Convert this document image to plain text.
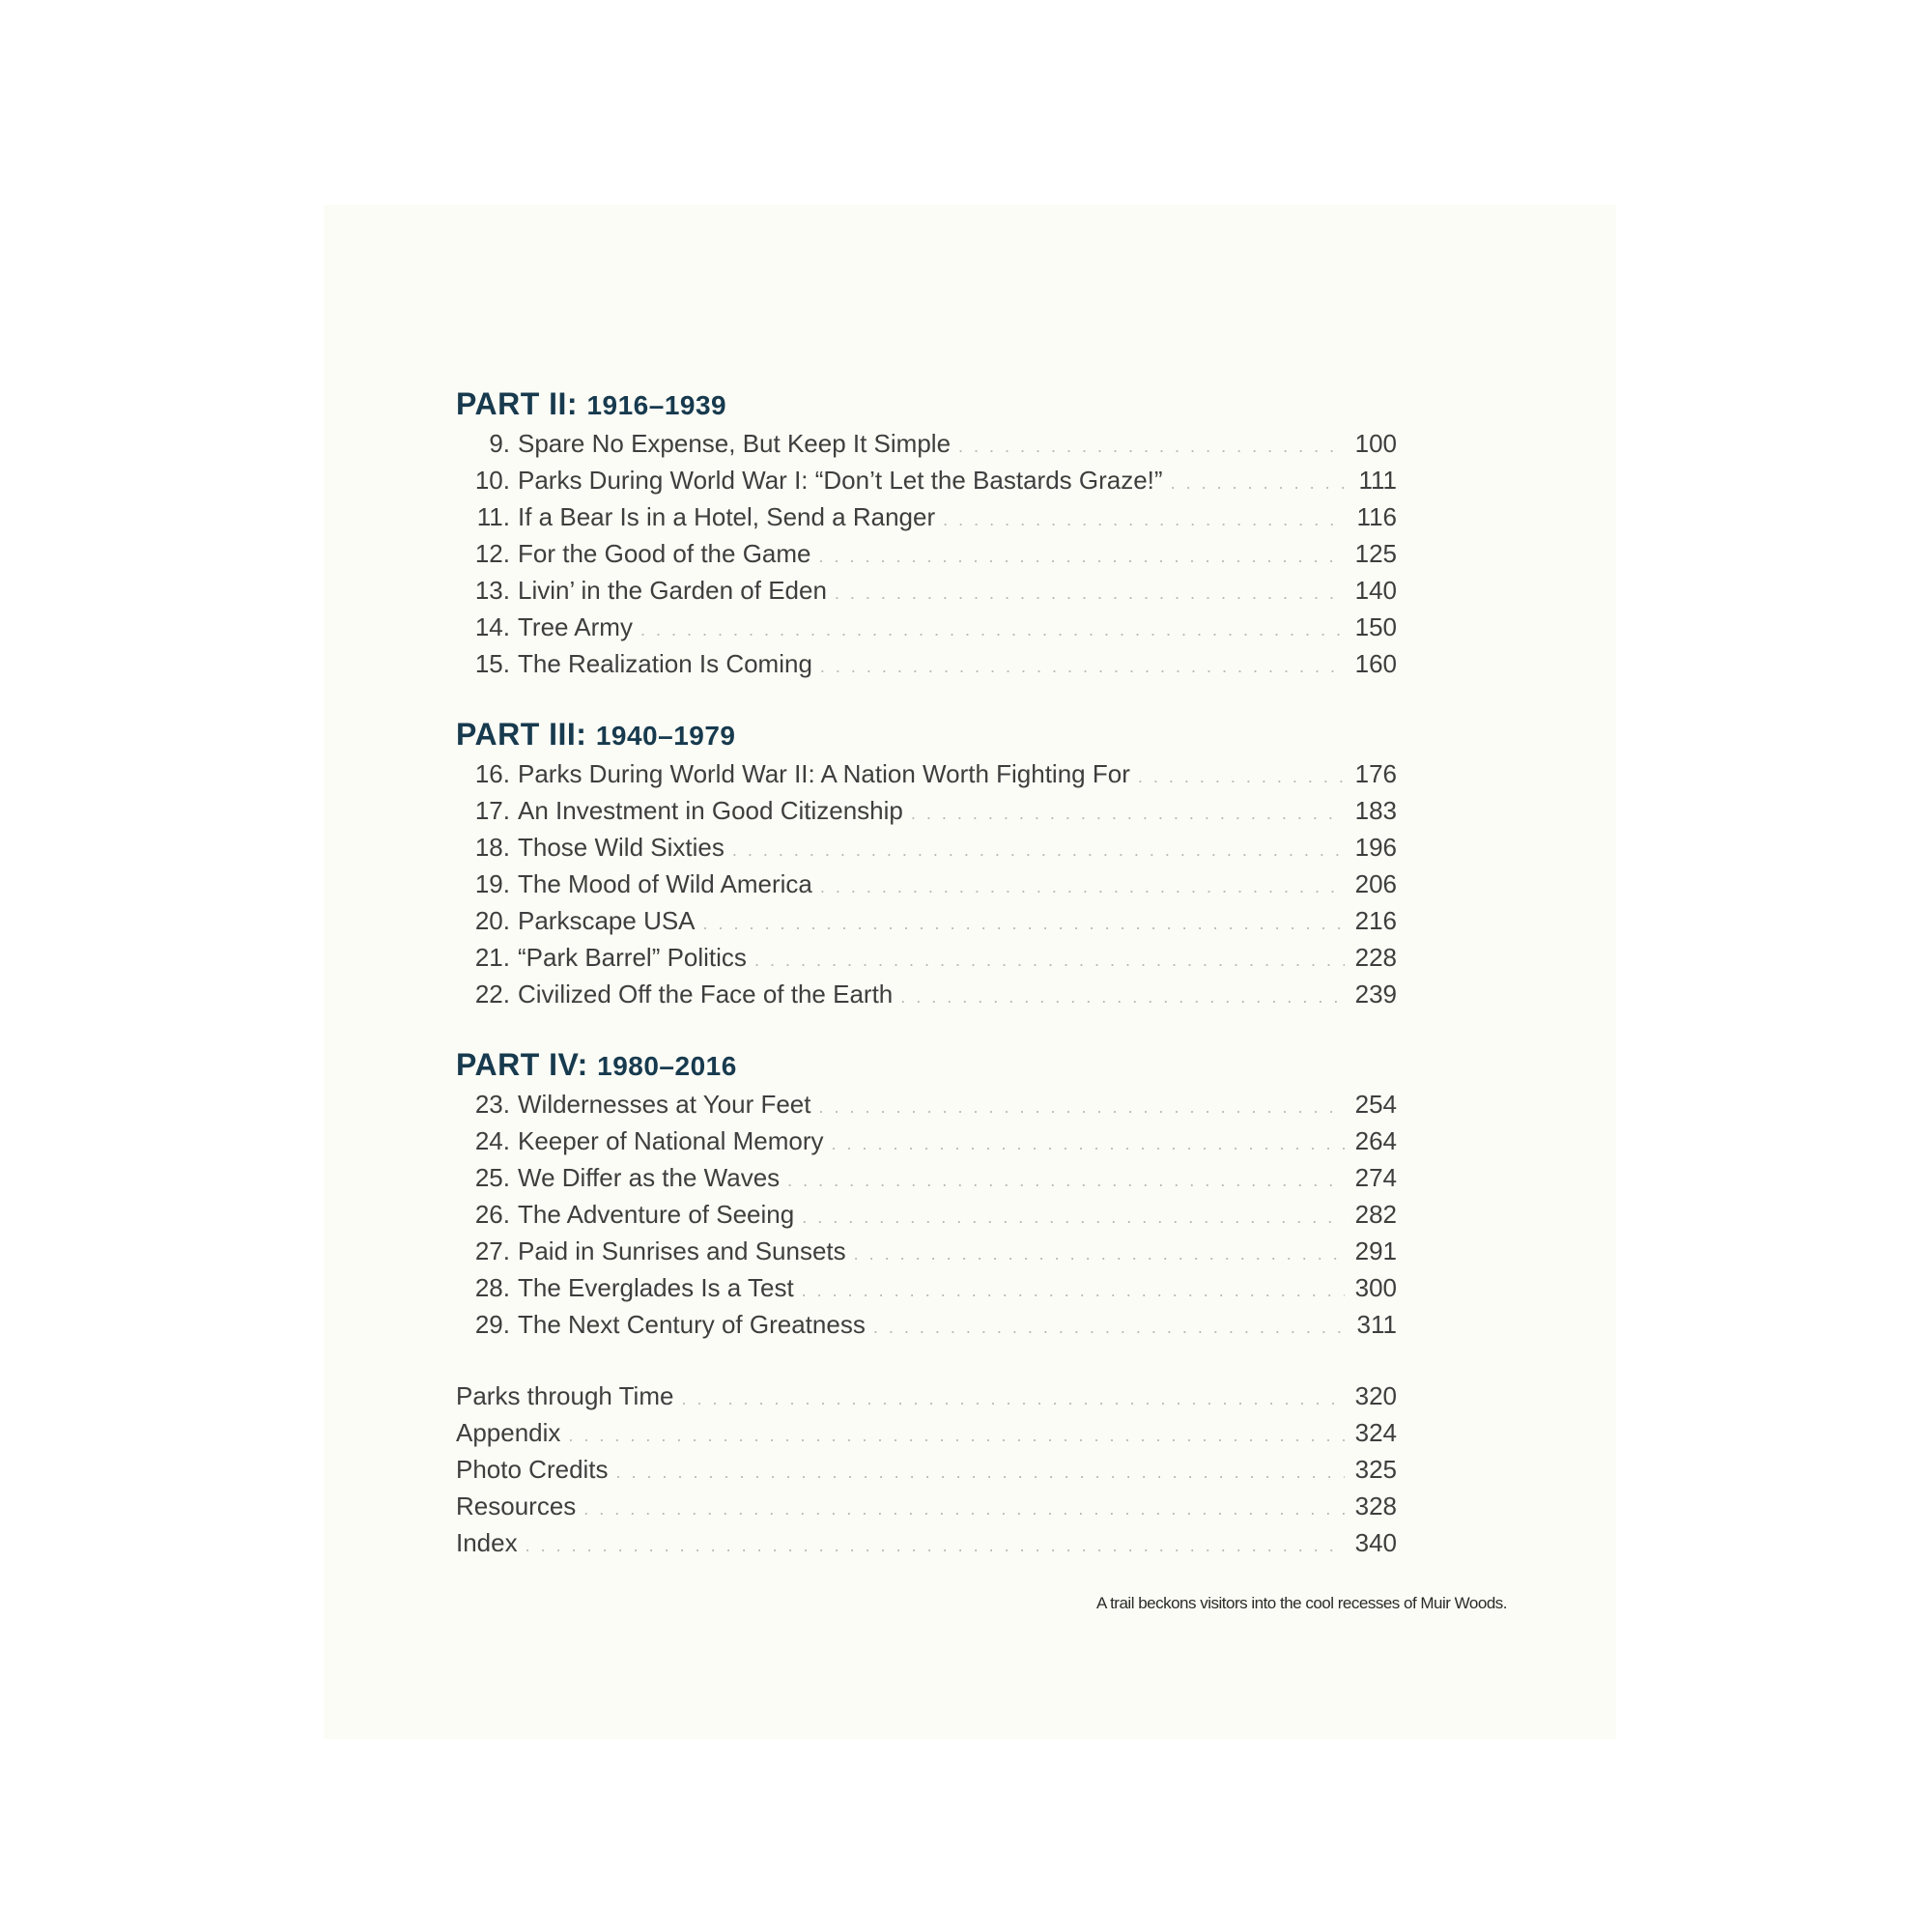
PART II: 1916–1939
9. Spare No Expense, But Keep It Simple . . .	100
10. Parks During World War I: “Don’t Let the Bastards Graze!” . . .	111
11. If a Bear Is in a Hotel, Send a Ranger . . .	116
12. For the Good of the Game . . .	125
13. Livin’ in the Garden of Eden . . .	140
14. Tree Army . . .	150
15. The Realization Is Coming . . .	160
PART III: 1940–1979
16. Parks During World War II: A Nation Worth Fighting For . . .	176
17. An Investment in Good Citizenship . . .	183
18. Those Wild Sixties . . .	196
19. The Mood of Wild America . . .	206
20. Parkscape USA . . .	216
21. “Park Barrel” Politics . . .	228
22. Civilized Off the Face of the Earth . . .	239
PART IV: 1980–2016
23. Wildernesses at Your Feet . . .	254
24. Keeper of National Memory . . .	264
25. We Differ as the Waves . . .	274
26. The Adventure of Seeing . . .	282
27. Paid in Sunrises and Sunsets . . .	291
28. The Everglades Is a Test . . .	300
29. The Next Century of Greatness . . .	311
Parks through Time . . .	320
Appendix . . .	324
Photo Credits . . .	325
Resources . . .	328
Index . . .	340
A trail beckons visitors into the cool recesses of Muir Woods.
